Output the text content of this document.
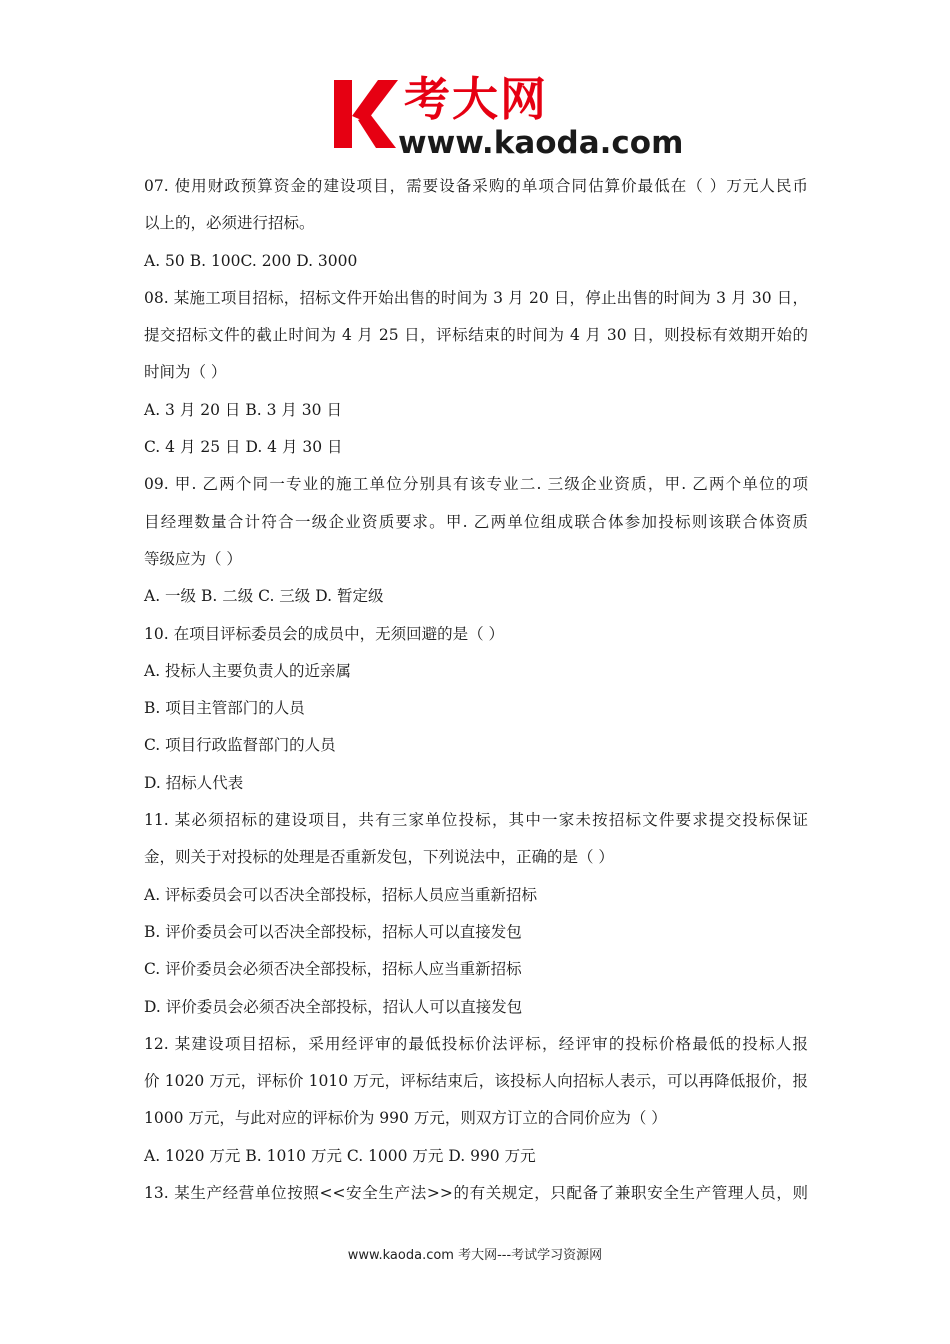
考大网
www.kaoda.com
07. 使用财政预算资金的建设项目，需要设备采购的单项合同估算价最低在（ ）万元人民币
以上的，必须进行招标。
A. 50 B. 100C. 200 D. 3000
08. 某施工项目招标，招标文件开始出售的时间为 3 月 20 日，停止出售的时间为 3 月 30 日，
提交招标文件的截止时间为 4 月 25 日，评标结束的时间为 4 月 30 日，则投标有效期开始的
时间为（ ）
A. 3 月 20 日 B. 3 月 30 日
C. 4 月 25 日 D. 4 月 30 日
09. 甲. 乙两个同一专业的施工单位分别具有该专业二. 三级企业资质，甲. 乙两个单位的项
目经理数量合计符合一级企业资质要求。甲. 乙两单位组成联合体参加投标则该联合体资质
等级应为（ ）
A. 一级 B. 二级 C. 三级 D. 暂定级
10. 在项目评标委员会的成员中，无须回避的是（ ）
A. 投标人主要负责人的近亲属
B. 项目主管部门的人员
C. 项目行政监督部门的人员
D. 招标人代表
11. 某必须招标的建设项目，共有三家单位投标，其中一家未按招标文件要求提交投标保证
金，则关于对投标的处理是否重新发包，下列说法中，正确的是（ ）
A. 评标委员会可以否决全部投标，招标人员应当重新招标
B. 评价委员会可以否决全部投标，招标人可以直接发包
C. 评价委员会必须否决全部投标，招标人应当重新招标
D. 评价委员会必须否决全部投标，招认人可以直接发包
12. 某建设项目招标，采用经评审的最低投标价法评标，经评审的投标价格最低的投标人报
价 1020 万元，评标价 1010 万元，评标结束后，该投标人向招标人表示，可以再降低报价，报
1000 万元，与此对应的评标价为 990 万元，则双方订立的合同价应为（ ）
A. 1020 万元 B. 1010 万元 C. 1000 万元 D. 990 万元
13. 某生产经营单位按照<<安全生产法>>的有关规定，只配备了兼职安全生产管理人员，则
www.kaoda.com 考大网---考试学习资源网
